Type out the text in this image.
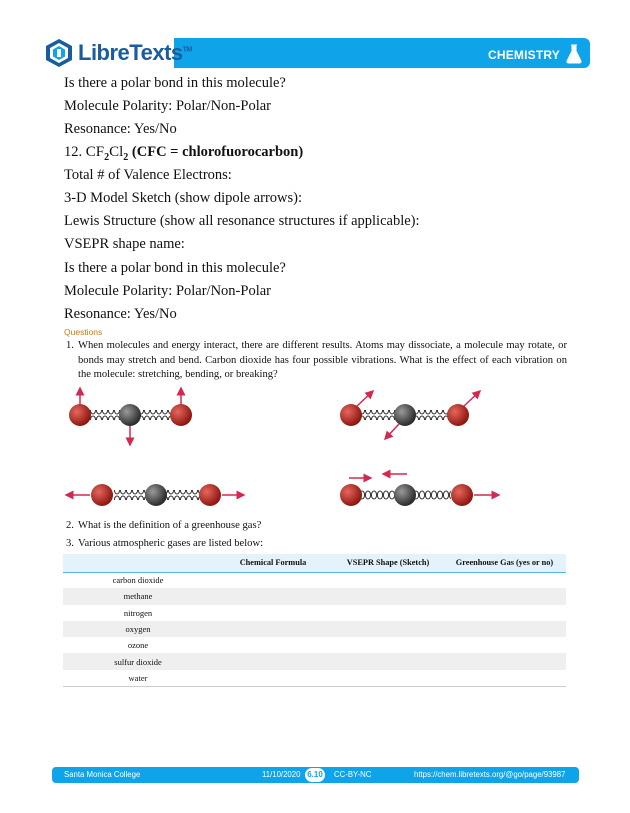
CHEMISTRY
LibreTexts™
Is there a polar bond in this molecule?
Molecule Polarity: Polar/Non-Polar
Resonance: Yes/No
12. $CF_2Cl_2$ (CFC = chlorofuorocarbon)
Total # of Valence Electrons:
3-D Model Sketch (show dipole arrows):
Lewis Structure (show all resonance structures if applicable):
VSEPR shape name:
Is there a polar bond in this molecule?
Molecule Polarity: Polar/Non-Polar
Resonance: Yes/No
Questions
1. When molecules and energy interact, there are different results. Atoms may dissociate, a molecule may rotate, or bonds may stretch and bend. Carbon dioxide has four possible vibrations. What is the effect of each vibration on the molecule: stretching, bending, or breaking?
2. What is the definition of a greenhouse gas?
3. Various atmospheric gases are listed below:
	Chemical Formula	VSEPR Shape (Sketch)	Greenhouse Gas (yes or no)
carbon dioxide			
methane			
nitrogen			
oxygen			
ozone			
sulfur dioxide			
water			
Santa Monica College	11/10/2020 6.10 CC-BY-NC	https://chem.libretexts.org/@go/page/93987
